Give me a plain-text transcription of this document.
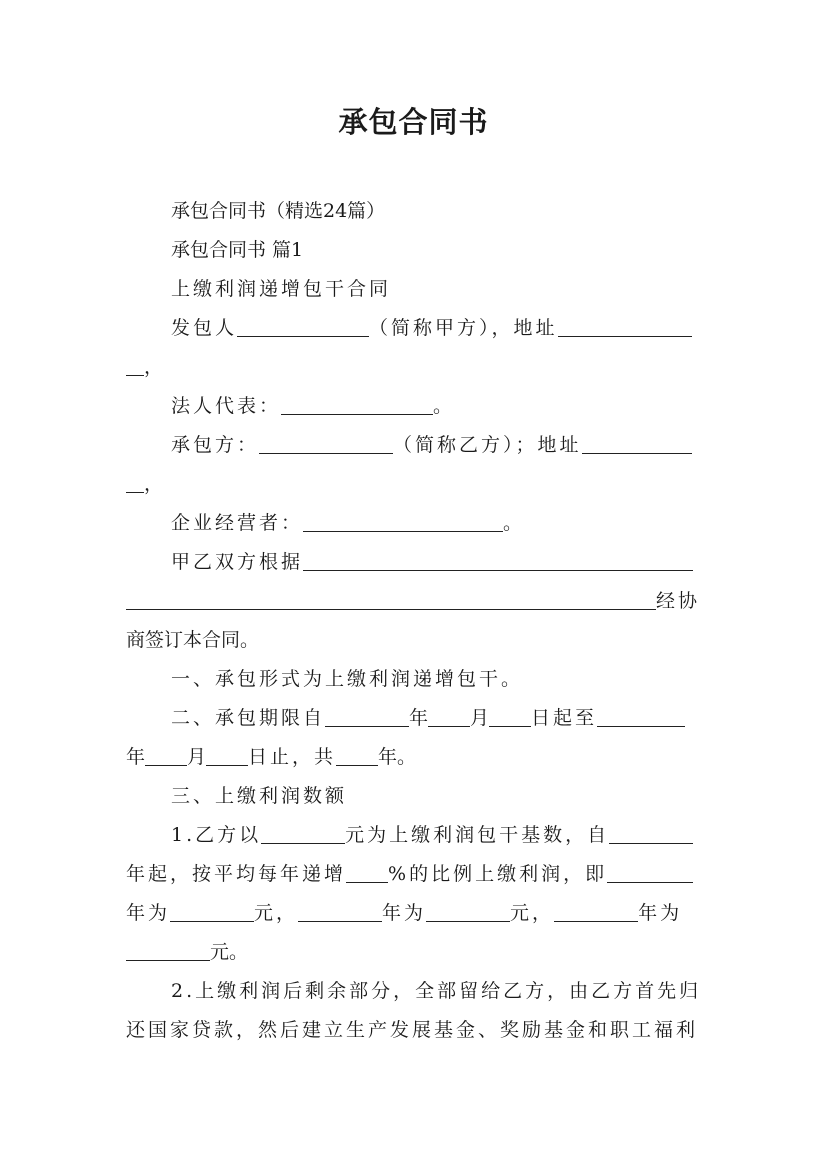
承包合同书
承包合同书（精选24篇）
承包合同书 篇1
上缴利润递增包干合同
发包人	（简称甲方），地址
，
法人代表：	。
承包方：	（简称乙方）；地址
，
企业经营者：	。
甲乙双方根据
经协
商签订本合同。
一、承包形式为上缴利润递增包干。
二、承包期限自	年 月 日起至
年 月 日止，共 年。
三、上缴利润数额
1.乙方以	元为上缴利润包干基数，自
年起，按平均每年递增 %的比例上缴利润，即
年为	元，	年为	元，	年为
元。
2.上缴利润后剩余部分，全部留给乙方，由乙方首先归
还国家贷款，然后建立生产发展基金、奖励基金和职工福利
